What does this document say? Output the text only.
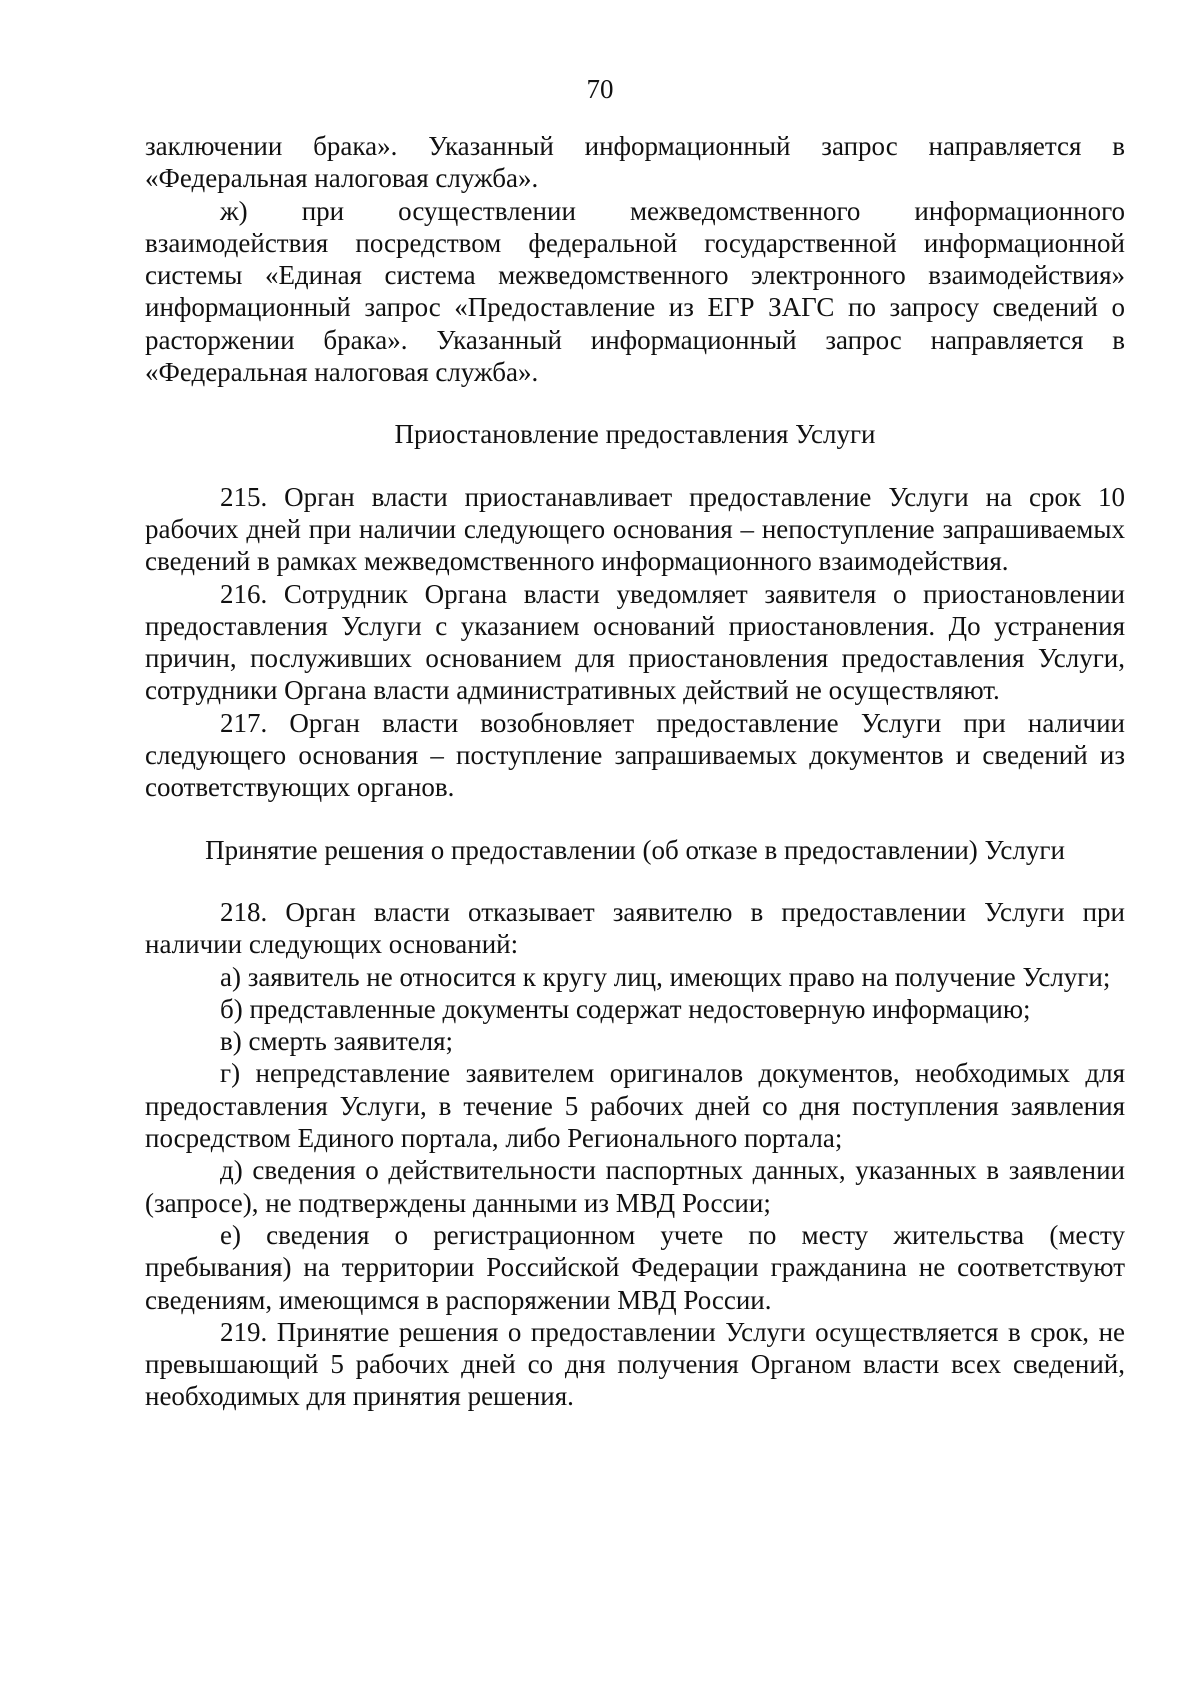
70

заключении брака». Указанный информационный запрос направляется в «Федеральная налоговая служба».

ж) при осуществлении межведомственного информационного взаимодействия посредством федеральной государственной информационной системы «Единая система межведомственного электронного взаимодействия» информационный запрос «Предоставление из ЕГР ЗАГС по запросу сведений о расторжении брака». Указанный информационный запрос направляется в «Федеральная налоговая служба».

Приостановление предоставления Услуги

215. Орган власти приостанавливает предоставление Услуги на срок 10 рабочих дней при наличии следующего основания – непоступление запрашиваемых сведений в рамках межведомственного информационного взаимодействия.

216. Сотрудник Органа власти уведомляет заявителя о приостановлении предоставления Услуги с указанием оснований приостановления. До устранения причин, послуживших основанием для приостановления предоставления Услуги, сотрудники Органа власти административных действий не осуществляют.

217. Орган власти возобновляет предоставление Услуги при наличии следующего основания – поступление запрашиваемых документов и сведений из соответствующих органов.

Принятие решения о предоставлении (об отказе в предоставлении) Услуги

218. Орган власти отказывает заявителю в предоставлении Услуги при наличии следующих оснований:

а) заявитель не относится к кругу лиц, имеющих право на получение Услуги;

б) представленные документы содержат недостоверную информацию;

в) смерть заявителя;

г) непредставление заявителем оригиналов документов, необходимых для предоставления Услуги, в течение 5 рабочих дней со дня поступления заявления посредством Единого портала, либо Регионального портала;

д) сведения о действительности паспортных данных, указанных в заявлении (запросе), не подтверждены данными из МВД России;

е) сведения о регистрационном учете по месту жительства (месту пребывания) на территории Российской Федерации гражданина не соответствуют сведениям, имеющимся в распоряжении МВД России.

219. Принятие решения о предоставлении Услуги осуществляется в срок, не превышающий 5 рабочих дней со дня получения Органом власти всех сведений, необходимых для принятия решения.
